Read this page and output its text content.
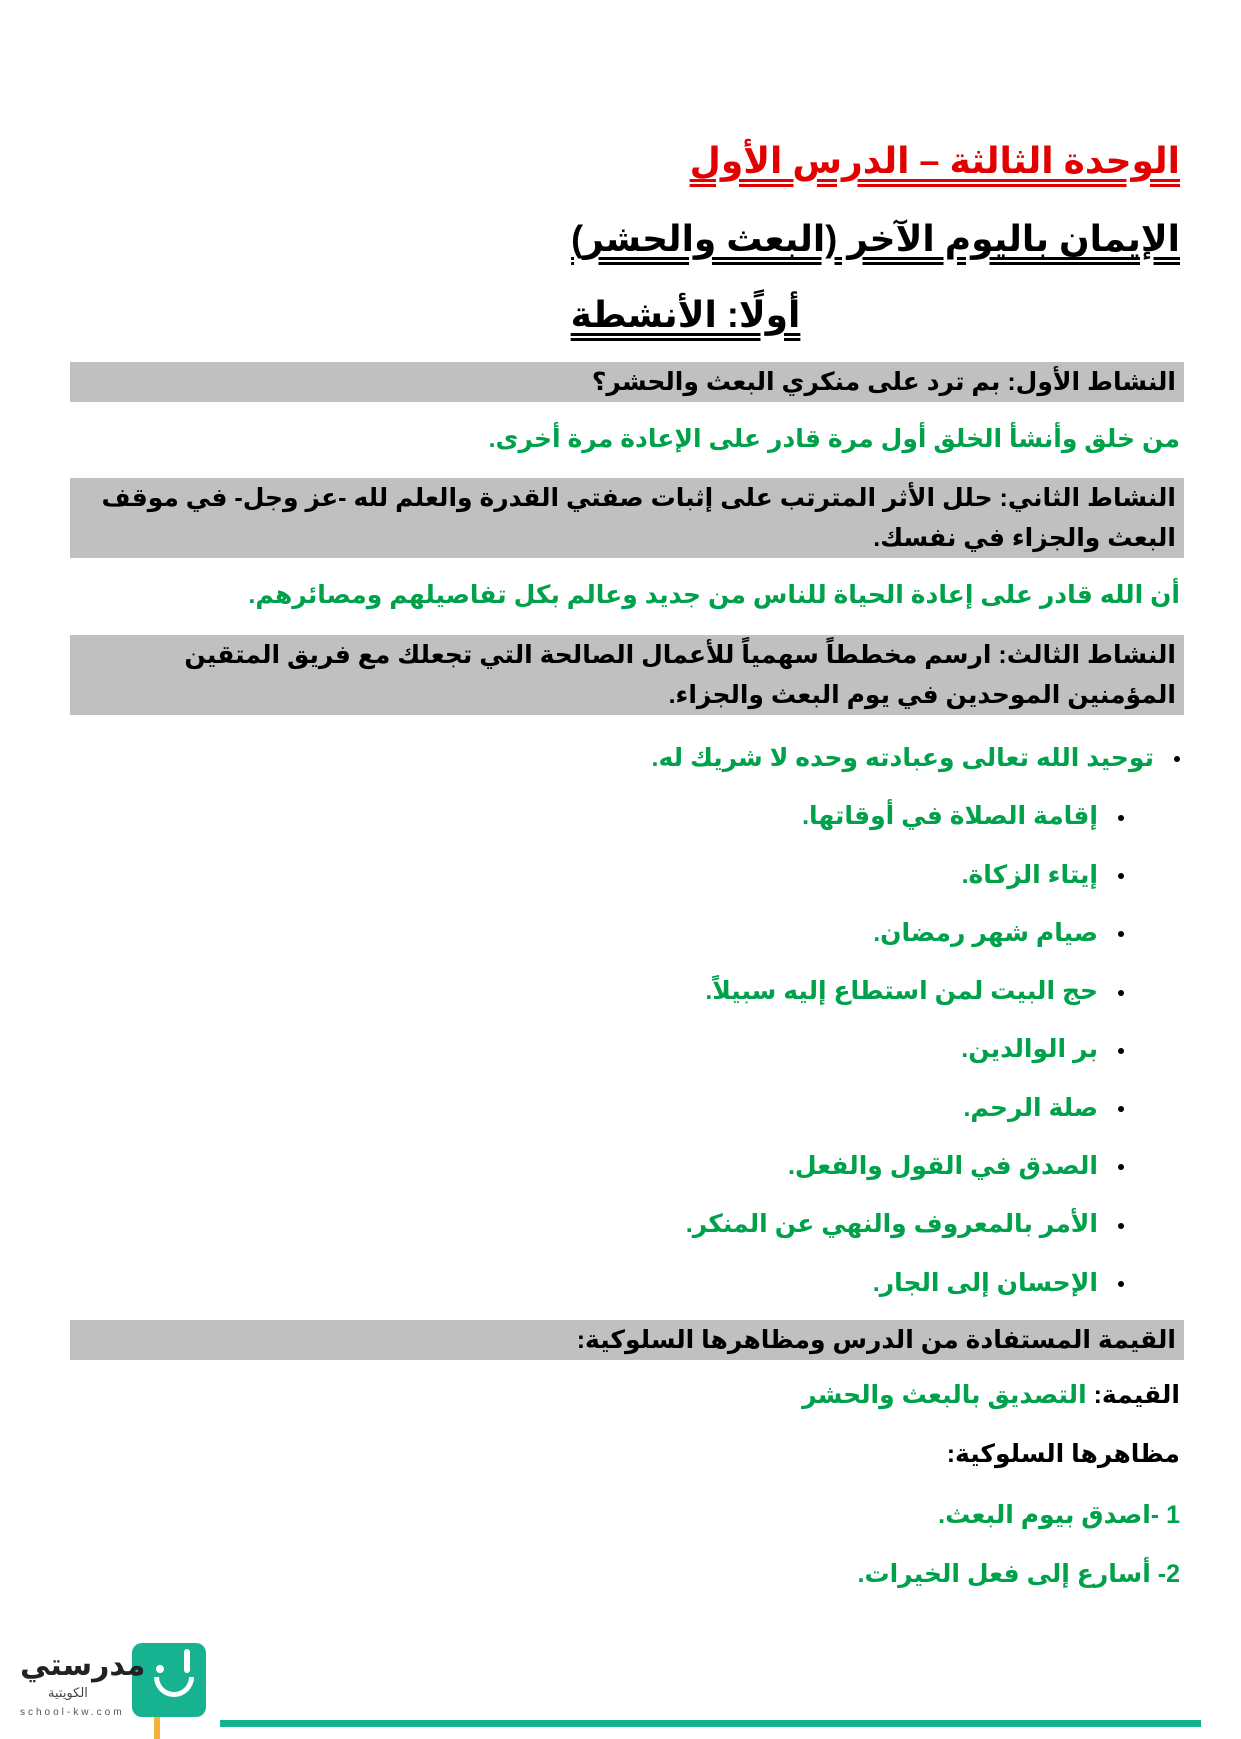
الوحدة الثالثة – الدرس الأول
الإيمان باليوم الآخر (البعث والحشر)
أولًا: الأنشطة
النشاط الأول: بم ترد على منكري البعث والحشر؟
من خلق وأنشأ الخلق أول مرة قادر على الإعادة مرة أخرى.
النشاط الثاني: حلل الأثر المترتب على إثبات صفتي القدرة والعلم لله -عز وجل- في موقف البعث والجزاء في نفسك.
أن الله قادر على إعادة الحياة للناس من جديد وعالم بكل تفاصيلهم ومصائرهم.
النشاط الثالث: ارسم مخططاً سهمياً للأعمال الصالحة التي تجعلك مع فريق المتقين المؤمنين الموحدين في يوم البعث والجزاء.
توحيد الله تعالى وعبادته وحده لا شريك له.
إقامة الصلاة في أوقاتها.
إيتاء الزكاة.
صيام شهر رمضان.
حج البيت لمن استطاع إليه سبيلاً.
بر الوالدين.
صلة الرحم.
الصدق في القول والفعل.
الأمر بالمعروف والنهي عن المنكر.
الإحسان إلى الجار.
القيمة المستفادة من الدرس ومظاهرها السلوكية:
القيمة: التصديق بالبعث والحشر
مظاهرها السلوكية:
1 -اصدق بيوم البعث.
2- أسارع إلى فعل الخيرات.
مدرستي
الكويتية
school-kw.com
